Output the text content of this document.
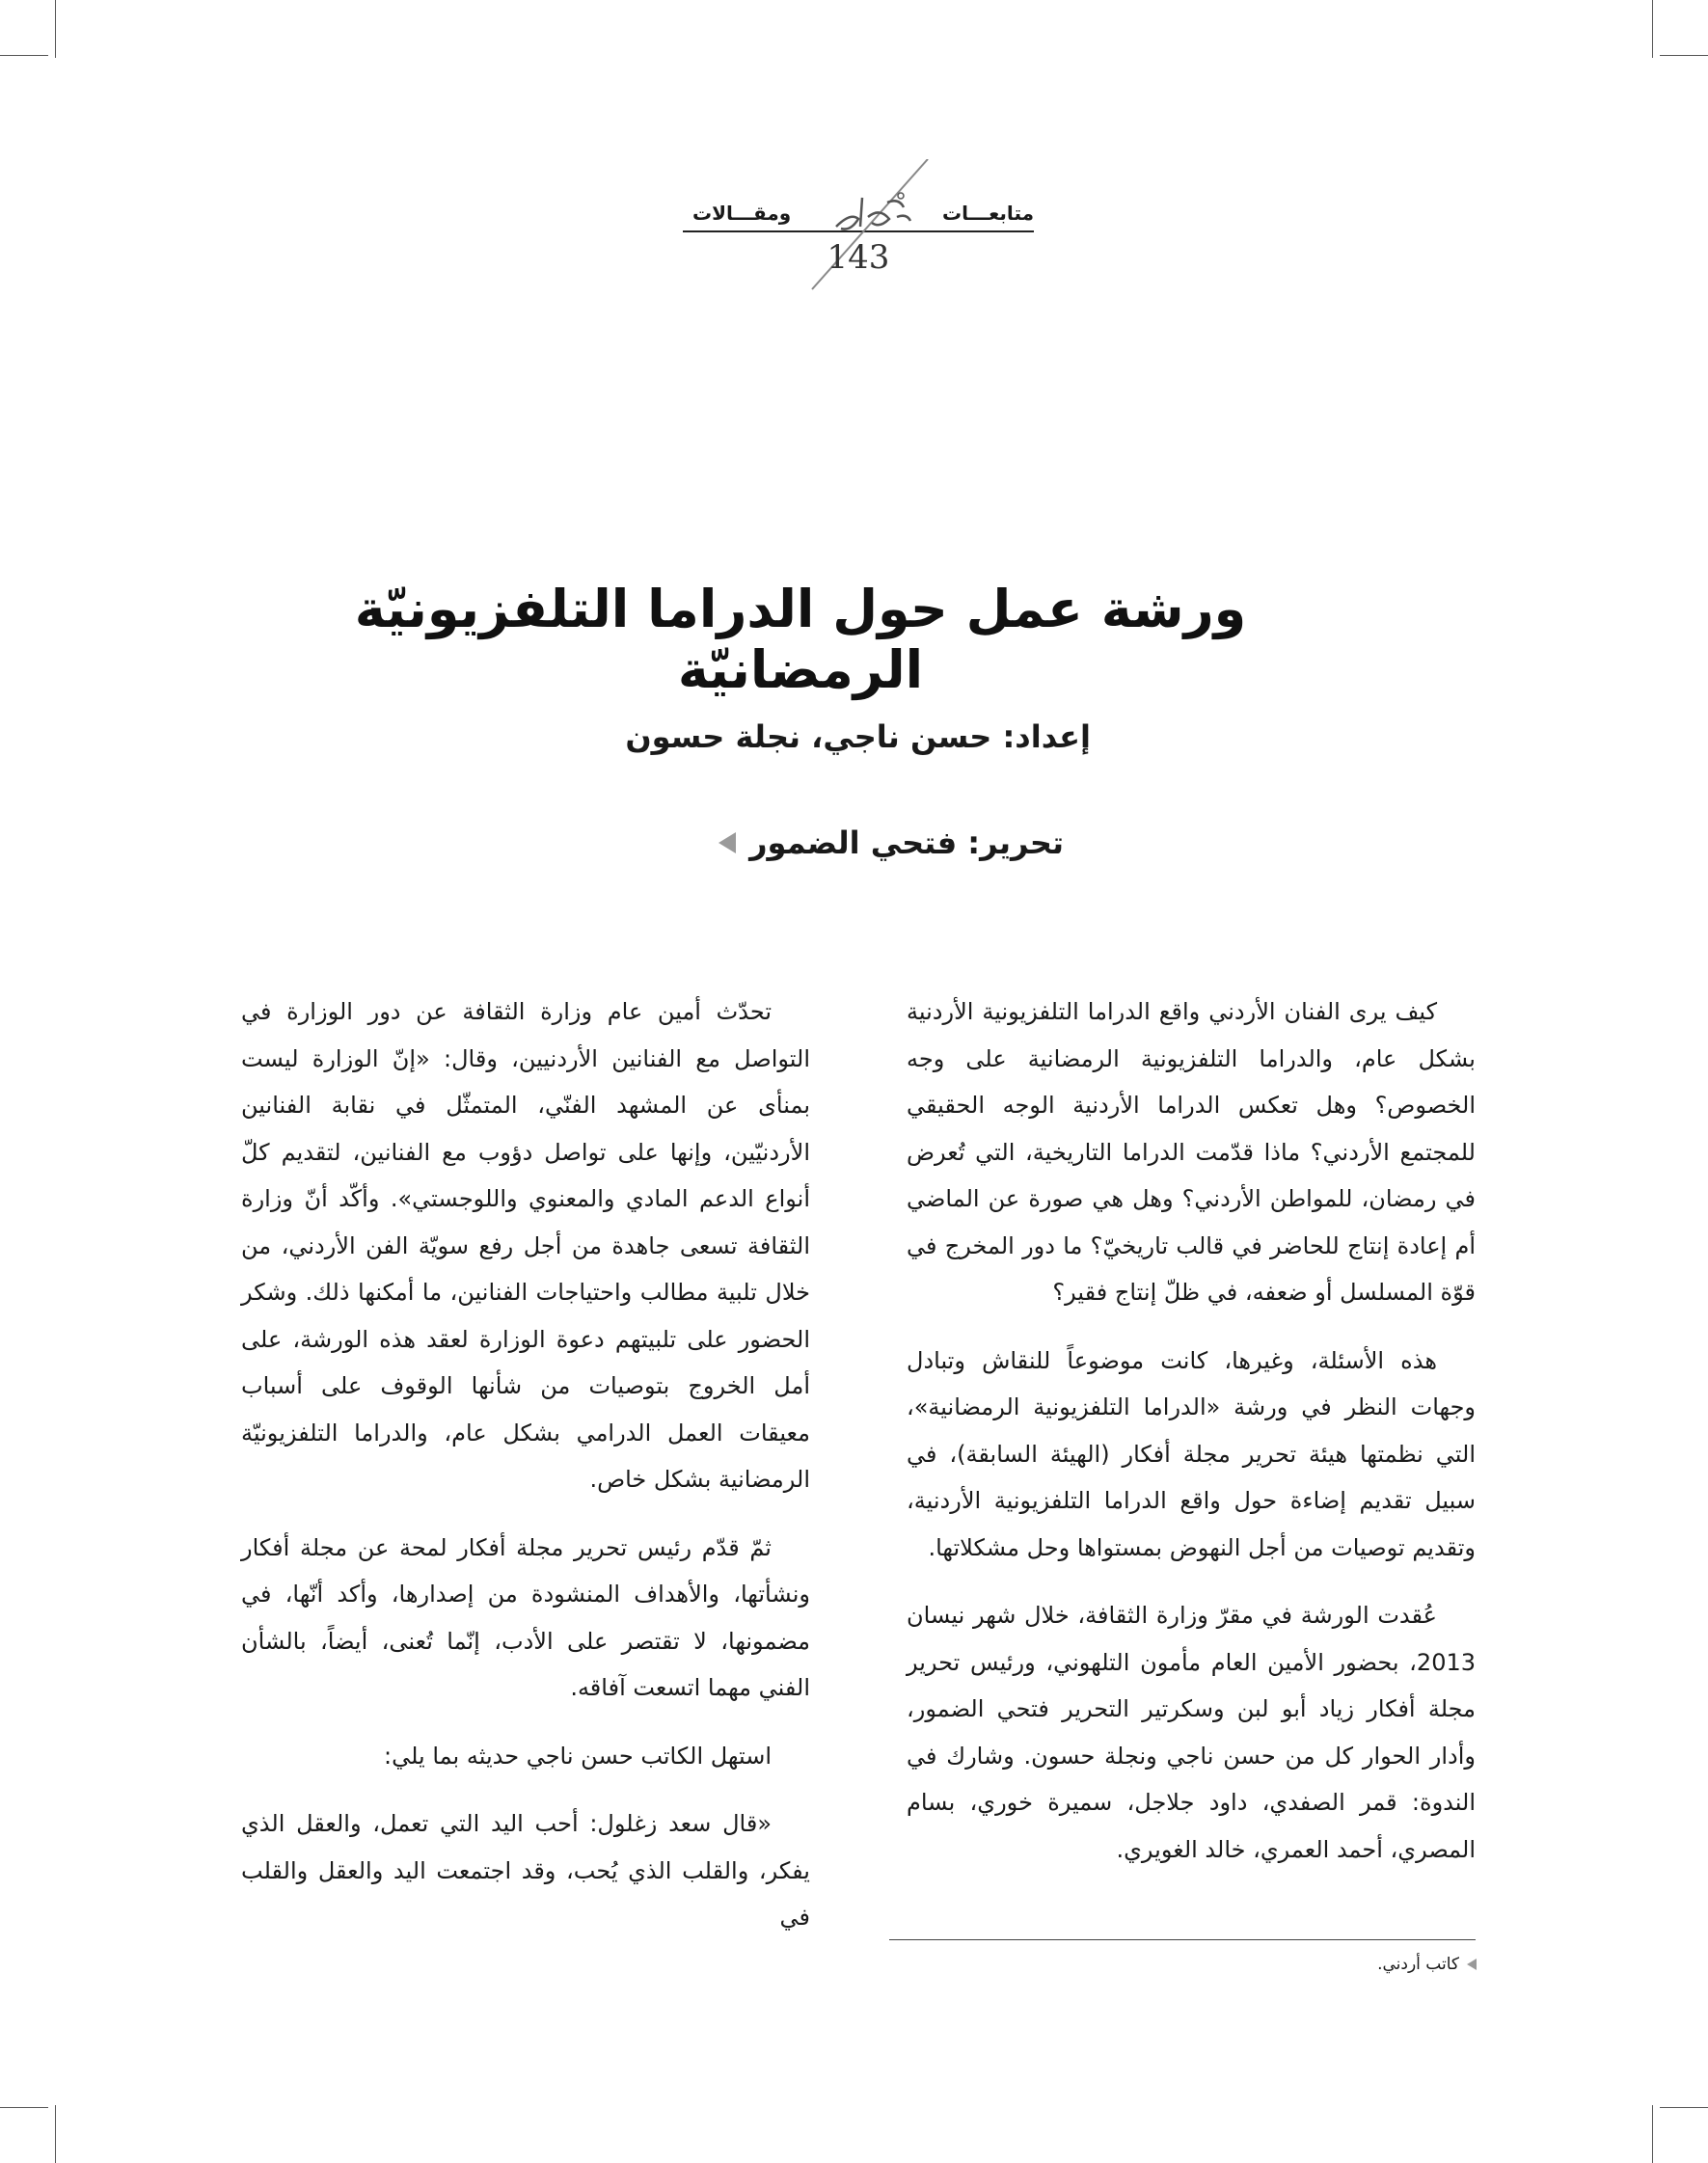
متابعـــات
ومقـــالات
143
ورشة عمل حول الدراما التلفزيونيّة الرمضانيّة
إعداد: حسن ناجي، نجلة حسون
تحرير: فتحي الضمور

كيف يرى الفنان الأردني واقع الدراما التلفزيونية الأردنية بشكل عام، والدراما التلفزيونية الرمضانية على وجه الخصوص؟ وهل تعكس الدراما الأردنية الوجه الحقيقي للمجتمع الأردني؟ ماذا قدّمت الدراما التاريخية، التي تُعرض في رمضان، للمواطن الأردني؟ وهل هي صورة عن الماضي أم إعادة إنتاج للحاضر في قالب تاريخيّ؟ ما دور المخرج في قوّة المسلسل أو ضعفه، في ظلّ إنتاج فقير؟

هذه الأسئلة، وغيرها، كانت موضوعاً للنقاش وتبادل وجهات النظر في ورشة «الدراما التلفزيونية الرمضانية»، التي نظمتها هيئة تحرير مجلة أفكار (الهيئة السابقة)، في سبيل تقديم إضاءة حول واقع الدراما التلفزيونية الأردنية، وتقديم توصيات من أجل النهوض بمستواها وحل مشكلاتها.

عُقدت الورشة في مقرّ وزارة الثقافة، خلال شهر نيسان 2013، بحضور الأمين العام مأمون التلهوني، ورئيس تحرير مجلة أفكار زياد أبو لبن وسكرتير التحرير فتحي الضمور، وأدار الحوار كل من حسن ناجي ونجلة حسون. وشارك في الندوة: قمر الصفدي، داود جلاجل، سميرة خوري، بسام المصري، أحمد العمري، خالد الغويري.

تحدّث أمين عام وزارة الثقافة عن دور الوزارة في التواصل مع الفنانين الأردنيين، وقال: «إنّ الوزارة ليست بمنأى عن المشهد الفنّي، المتمثّل في نقابة الفنانين الأردنيّين، وإنها على تواصل دؤوب مع الفنانين، لتقديم كلّ أنواع الدعم المادي والمعنوي واللوجستي». وأكّد أنّ وزارة الثقافة تسعى جاهدة من أجل رفع سويّة الفن الأردني، من خلال تلبية مطالب واحتياجات الفنانين، ما أمكنها ذلك. وشكر الحضور على تلبيتهم دعوة الوزارة لعقد هذه الورشة، على أمل الخروج بتوصيات من شأنها الوقوف على أسباب معيقات العمل الدرامي بشكل عام، والدراما التلفزيونيّة الرمضانية بشكل خاص.

ثمّ قدّم رئيس تحرير مجلة أفكار لمحة عن مجلة أفكار ونشأتها، والأهداف المنشودة من إصدارها، وأكد أنّها، في مضمونها، لا تقتصر على الأدب، إنّما تُعنى، أيضاً، بالشأن الفني مهما اتسعت آفاقه.

استهل الكاتب حسن ناجي حديثه بما يلي:

«قال سعد زغلول: أحب اليد التي تعمل، والعقل الذي يفكر، والقلب الذي يُحب، وقد اجتمعت اليد والعقل والقلب في

كاتب أردني.
